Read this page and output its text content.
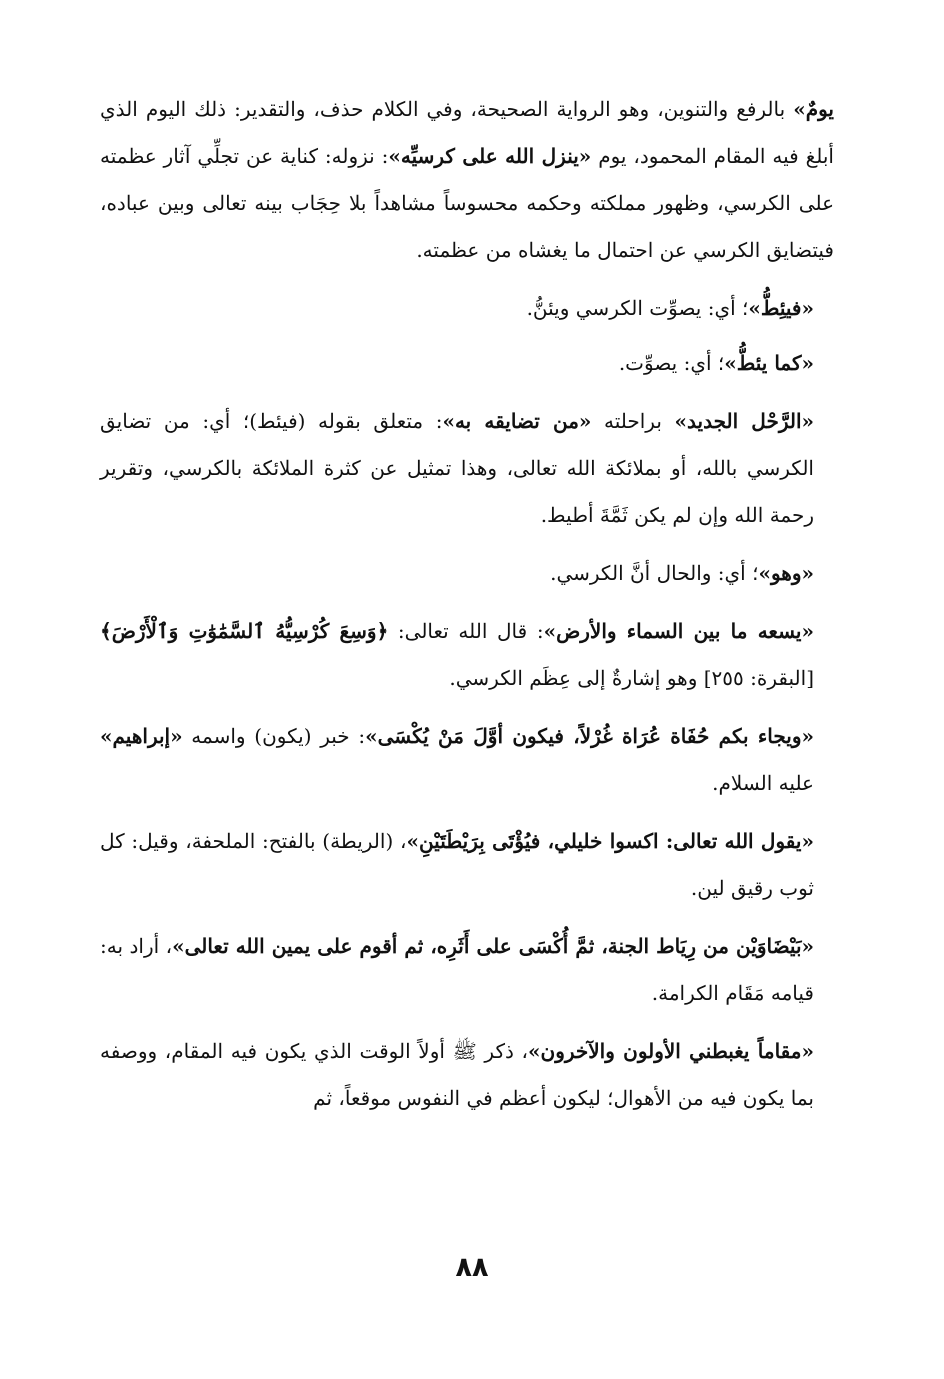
يومٌ» بالرفع والتنوين، وهو الرواية الصحيحة، وفي الكلام حذف، والتقدير: ذلك اليوم الذي أبلغ فيه المقام المحمود، يوم «ينزل الله على كرسيِّه»: نزوله: كناية عن تجلِّي آثار عظمته على الكرسي، وظهور مملكته وحكمه محسوساً مشاهداً بلا حِجَاب بينه تعالى وبين عباده، فيتضايق الكرسي عن احتمال ما يغشاه من عظمته.

«فيئِطُّ»؛ أي: يصوِّت الكرسي ويئنُّ.

«كما يئطُّ»؛ أي: يصوِّت.

«الرَّحْل الجديد» براحلته «من تضايقه به»: متعلق بقوله (فيئط)؛ أي: من تضايق الكرسي بالله، أو بملائكة الله تعالى، وهذا تمثيل عن كثرة الملائكة بالكرسي، وتقرير رحمة الله وإن لم يكن ثَمَّةَ أطيط.

«وهو»؛ أي: والحال أنَّ الكرسي.

«يسعه ما بين السماء والأرض»: قال الله تعالى: ﴿وَسِعَ كُرْسِيُّهُ ٱلسَّمَٰوَٰتِ وَٱلْأَرْضَ﴾[البقرة: ٢٥٥] وهو إشارةٌ إلى عِظَم الكرسي.

«ويجاء بكم حُفَاة عُرَاة غُرْلاً، فيكون أوَّلَ مَنْ يُكْسَى»: خبر (يكون) واسمه «إبراهيم» عليه السلام.

«يقول الله تعالى: اكسوا خليلي، فيُؤْتَى بِرَيْطَتَيْنِ»، (الريطة) بالفتح: الملحفة، وقيل: كل ثوب رقيق لين.

«بَيْضَاوَيْن من رِيَاط الجنة، ثمَّ أُكْسَى على أَثَرِه، ثم أقوم على يمين الله تعالى»، أراد به: قيامه مَقَام الكرامة.

«مقاماً يغبطني الأولون والآخرون»، ذكر ﷺ أولاً الوقت الذي يكون فيه المقام، ووصفه بما يكون فيه من الأهوال؛ ليكون أعظم في النفوس موقعاً، ثم

٨٨
